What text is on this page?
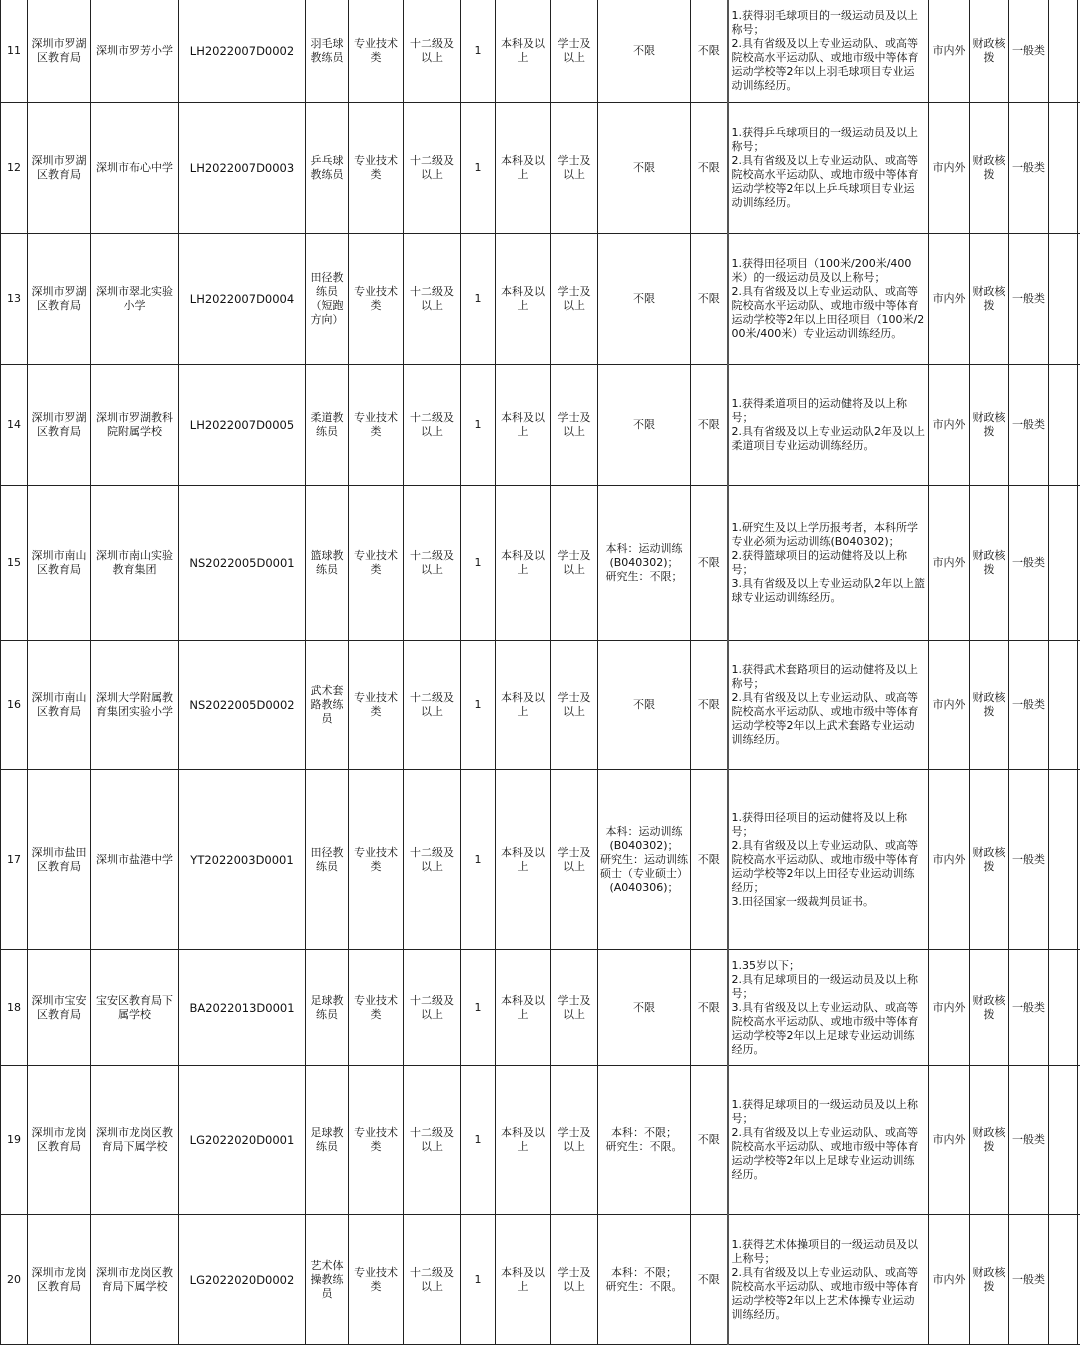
11	深圳市罗湖区教育局	深圳市罗芳小学	LH2022007D0002	羽毛球教练员	专业技术类	十二级及以上	1	本科及以上	学士及以上	不限	不限	1.获得羽毛球项目的一级运动员及以上称号；
2.具有省级及以上专业运动队、或高等院校高水平运动队、或地市级中等体育运动学校等2年以上羽毛球项目专业运动训练经历。	市内外	财政核拨	一般类		
12	深圳市罗湖区教育局	深圳市布心中学	LH2022007D0003	乒乓球教练员	专业技术类	十二级及以上	1	本科及以上	学士及以上	不限	不限	1.获得乒乓球项目的一级运动员及以上称号；
2.具有省级及以上专业运动队、或高等院校高水平运动队、或地市级中等体育运动学校等2年以上乒乓球项目专业运动训练经历。	市内外	财政核拨	一般类		
13	深圳市罗湖区教育局	深圳市翠北实验小学	LH2022007D0004	田径教练员（短跑方向）	专业技术类	十二级及以上	1	本科及以上	学士及以上	不限	不限	1.获得田径项目（100米/200米/400米）的一级运动员及以上称号；
2.具有省级及以上专业运动队、或高等院校高水平运动队、或地市级中等体育运动学校等2年以上田径项目（100米/200米/400米）专业运动训练经历。	市内外	财政核拨	一般类		
14	深圳市罗湖区教育局	深圳市罗湖教科院附属学校	LH2022007D0005	柔道教练员	专业技术类	十二级及以上	1	本科及以上	学士及以上	不限	不限	1.获得柔道项目的运动健将及以上称号；
2.具有省级及以上专业运动队2年及以上柔道项目专业运动训练经历。	市内外	财政核拨	一般类		
15	深圳市南山区教育局	深圳市南山实验教育集团	NS2022005D0001	篮球教练员	专业技术类	十二级及以上	1	本科及以上	学士及以上	本科：运动训练(B040302)；
研究生：不限；	不限	1.研究生及以上学历报考者，本科所学专业必须为运动训练(B040302)；
2.获得篮球项目的运动健将及以上称号；
3.具有省级及以上专业运动队2年以上篮球专业运动训练经历。	市内外	财政核拨	一般类		
16	深圳市南山区教育局	深圳大学附属教育集团实验小学	NS2022005D0002	武术套路教练员	专业技术类	十二级及以上	1	本科及以上	学士及以上	不限	不限	1.获得武术套路项目的运动健将及以上称号；
2.具有省级及以上专业运动队、或高等院校高水平运动队、或地市级中等体育运动学校等2年以上武术套路专业运动训练经历。	市内外	财政核拨	一般类		
17	深圳市盐田区教育局	深圳市盐港中学	YT2022003D0001	田径教练员	专业技术类	十二级及以上	1	本科及以上	学士及以上	本科：运动训练(B040302)；
研究生：运动训练硕士（专业硕士）(A040306)；	不限	1.获得田径项目的运动健将及以上称号；
2.具有省级及以上专业运动队、或高等院校高水平运动队、或地市级中等体育运动学校等2年以上田径专业运动训练经历；
3.田径国家一级裁判员证书。	市内外	财政核拨	一般类		
18	深圳市宝安区教育局	宝安区教育局下属学校	BA2022013D0001	足球教练员	专业技术类	十二级及以上	1	本科及以上	学士及以上	不限	不限	1.35岁以下；
2.具有足球项目的一级运动员及以上称号；
3.具有省级及以上专业运动队、或高等院校高水平运动队、或地市级中等体育运动学校等2年以上足球专业运动训练经历。	市内外	财政核拨	一般类		
19	深圳市龙岗区教育局	深圳市龙岗区教育局下属学校	LG2022020D0001	足球教练员	专业技术类	十二级及以上	1	本科及以上	学士及以上	本科：不限；
研究生：不限。	不限	1.获得足球项目的一级运动员及以上称号；
2.具有省级及以上专业运动队、或高等院校高水平运动队、或地市级中等体育运动学校等2年以上足球专业运动训练经历。	市内外	财政核拨	一般类		
20	深圳市龙岗区教育局	深圳市龙岗区教育局下属学校	LG2022020D0002	艺术体操教练员	专业技术类	十二级及以上	1	本科及以上	学士及以上	本科：不限；
研究生：不限。	不限	1.获得艺术体操项目的一级运动员及以上称号；
2.具有省级及以上专业运动队、或高等院校高水平运动队、或地市级中等体育运动学校等2年以上艺术体操专业运动训练经历。	市内外	财政核拨	一般类		
